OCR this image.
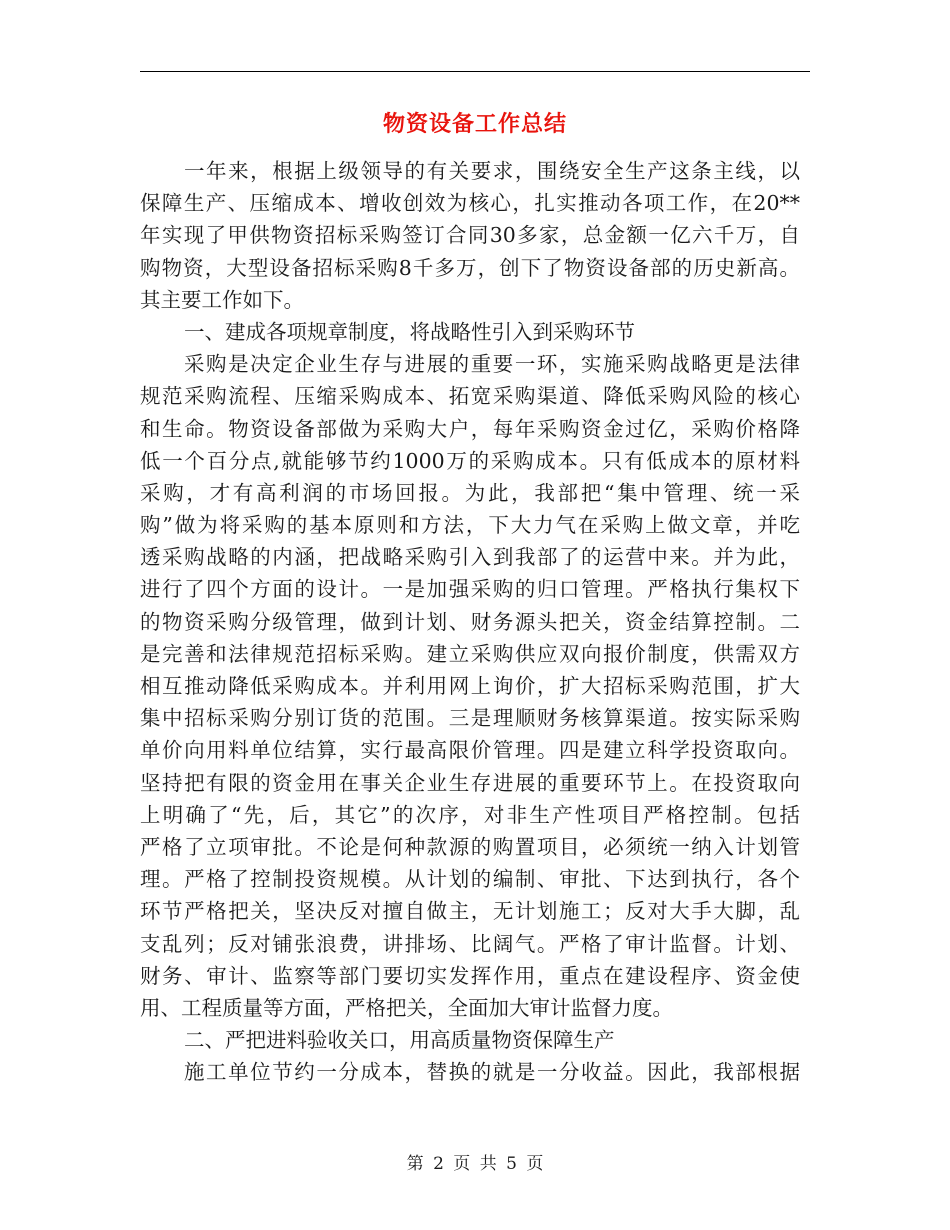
物资设备工作总结
一年来，根据上级领导的有关要求，围绕安全生产这条主线，以
保障生产、压缩成本、增收创效为核心，扎实推动各项工作，在20**
年实现了甲供物资招标采购签订合同30多家，总金额一亿六千万，自
购物资，大型设备招标采购8千多万，创下了物资设备部的历史新高。
其主要工作如下。
一、建成各项规章制度，将战略性引入到采购环节
采购是决定企业生存与进展的重要一环，实施采购战略更是法律
规范采购流程、压缩采购成本、拓宽采购渠道、降低采购风险的核心
和生命。物资设备部做为采购大户，每年采购资金过亿，采购价格降
低一个百分点,就能够节约1000万的采购成本。只有低成本的原材料
采购，才有高利润的市场回报。为此，我部把“集中管理、统一采
购”做为将采购的基本原则和方法，下大力气在采购上做文章，并吃
透采购战略的内涵，把战略采购引入到我部了的运营中来。并为此，
进行了四个方面的设计。一是加强采购的归口管理。严格执行集权下
的物资采购分级管理，做到计划、财务源头把关，资金结算控制。二
是完善和法律规范招标采购。建立采购供应双向报价制度，供需双方
相互推动降低采购成本。并利用网上询价，扩大招标采购范围，扩大
集中招标采购分别订货的范围。三是理顺财务核算渠道。按实际采购
单价向用料单位结算，实行最高限价管理。四是建立科学投资取向。
坚持把有限的资金用在事关企业生存进展的重要环节上。在投资取向
上明确了“先，后，其它”的次序，对非生产性项目严格控制。包括
严格了立项审批。不论是何种款源的购置项目，必须统一纳入计划管
理。严格了控制投资规模。从计划的编制、审批、下达到执行，各个
环节严格把关，坚决反对擅自做主，无计划施工；反对大手大脚，乱
支乱列；反对铺张浪费，讲排场、比阔气。严格了审计监督。计划、
财务、审计、监察等部门要切实发挥作用，重点在建设程序、资金使
用、工程质量等方面，严格把关，全面加大审计监督力度。
二、严把进料验收关口，用高质量物资保障生产
施工单位节约一分成本，替换的就是一分收益。因此，我部根据
第 2 页 共 5 页
